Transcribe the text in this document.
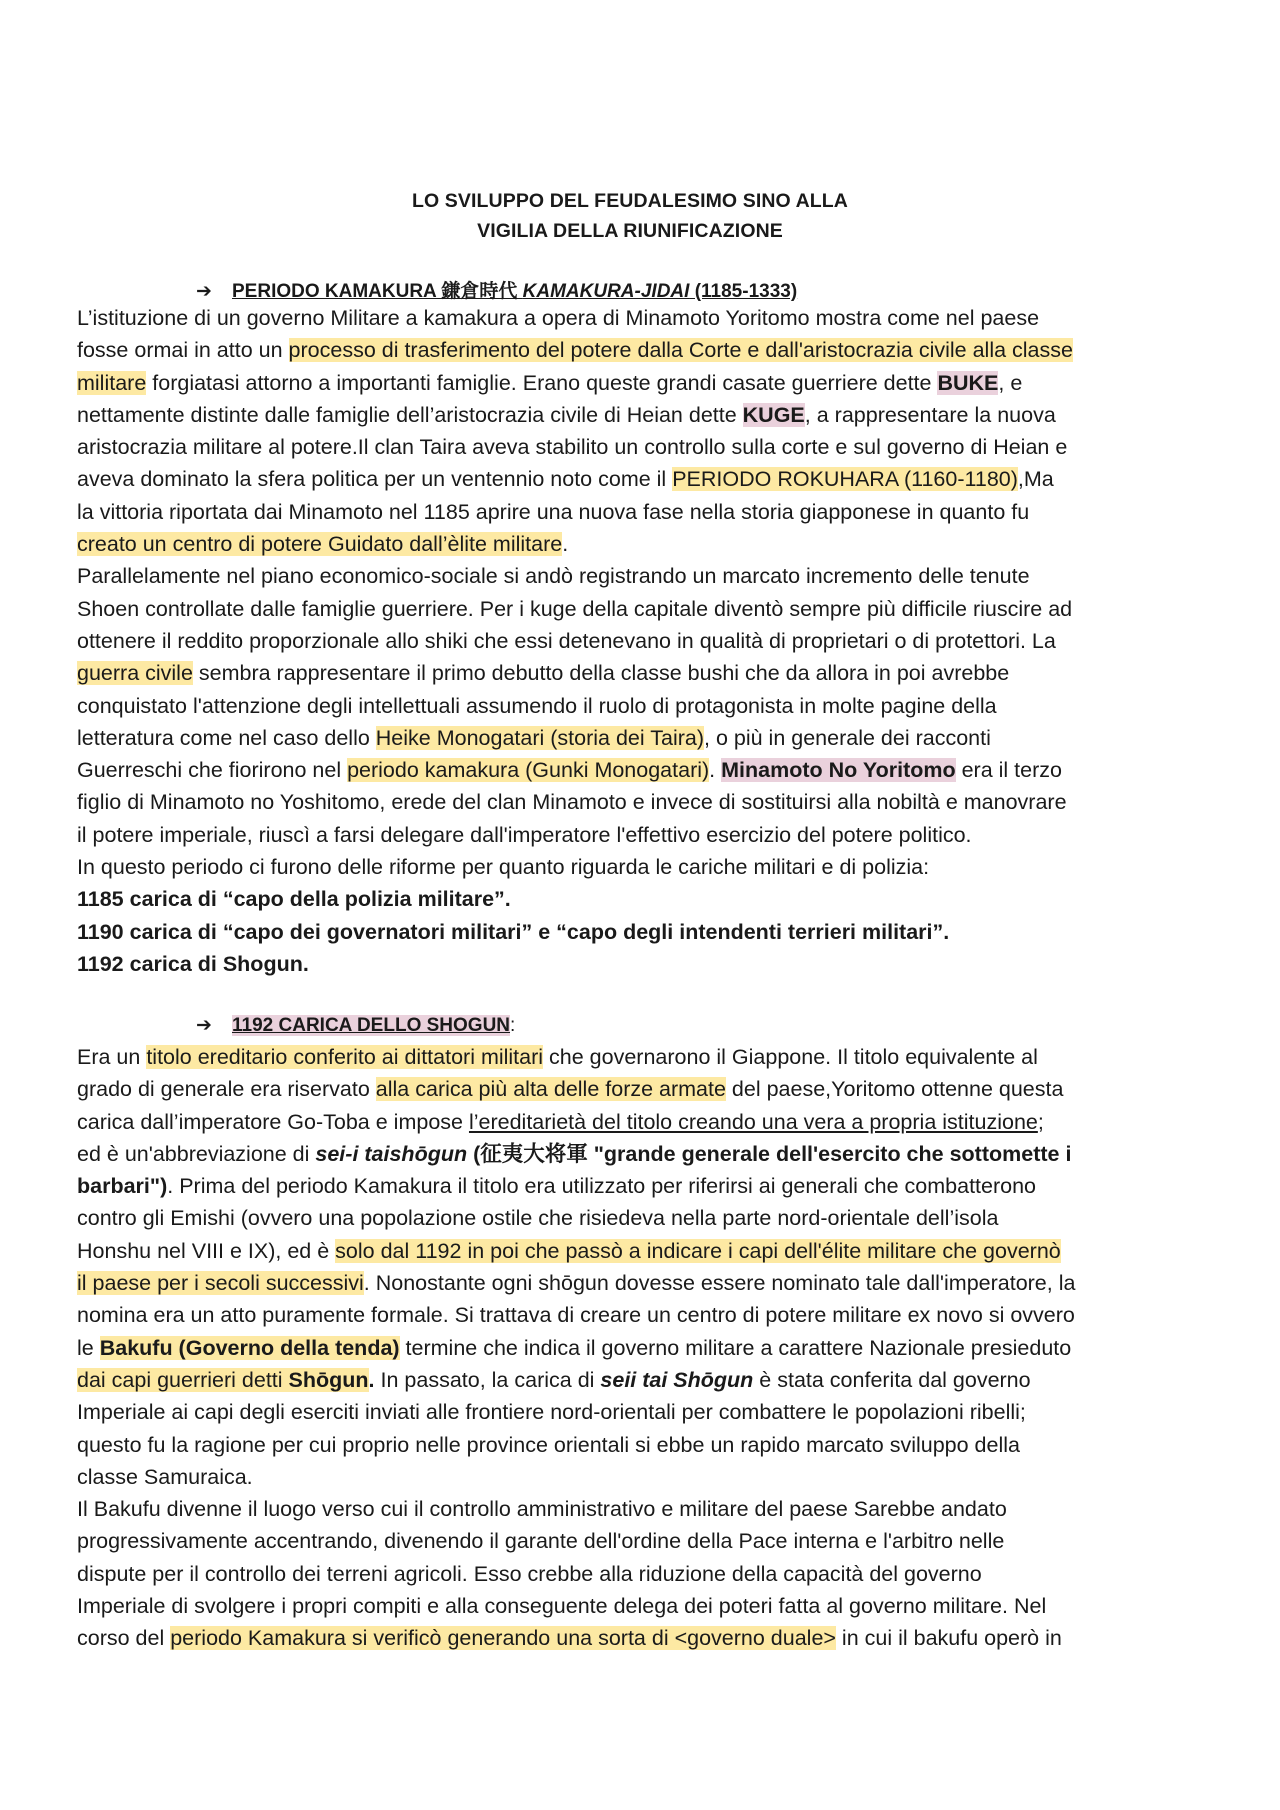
LO SVILUPPO DEL FEUDALESIMO SINO ALLA
VIGILIA DELLA RIUNIFICAZIONE
➔ PERIODO KAMAKURA 鎌倉時代 KAMAKURA-JIDAI (1185-1333)

L’istituzione di un governo Militare a kamakura a opera di Minamoto Yoritomo mostra come nel paese

fosse ormai in atto un processo di trasferimento del potere dalla Corte e dall'aristocrazia civile alla classe

militare forgiatasi attorno a importanti famiglie. Erano queste grandi casate guerriere dette BUKE, e

nettamente distinte dalle famiglie dell’aristocrazia civile di Heian dette KUGE, a rappresentare la nuova

aristocrazia militare al potere.Il clan Taira aveva stabilito un controllo sulla corte e sul governo di Heian e

aveva dominato la sfera politica per un ventennio noto come il PERIODO ROKUHARA (1160-1180),Ma

la vittoria riportata dai Minamoto nel 1185 aprire una nuova fase nella storia giapponese in quanto fu

creato un centro di potere Guidato dall’èlite militare.

Parallelamente nel piano economico-sociale si andò registrando un marcato incremento delle tenute

Shoen controllate dalle famiglie guerriere. Per i kuge della capitale diventò sempre più difficile riuscire ad

ottenere il reddito proporzionale allo shiki che essi detenevano in qualità di proprietari o di protettori. La

guerra civile sembra rappresentare il primo debutto della classe bushi che da allora in poi avrebbe

conquistato l'attenzione degli intellettuali assumendo il ruolo di protagonista in molte pagine della

letteratura come nel caso dello Heike Monogatari (storia dei Taira), o più in generale dei racconti

Guerreschi che fiorirono nel periodo kamakura (Gunki Monogatari). Minamoto No Yoritomo era il terzo

figlio di Minamoto no Yoshitomo, erede del clan Minamoto e invece di sostituirsi alla nobiltà e manovrare

il potere imperiale, riuscì a farsi delegare dall'imperatore l'effettivo esercizio del potere politico.

In questo periodo ci furono delle riforme per quanto riguarda le cariche militari e di polizia:

1185 carica di “capo della polizia militare”.

1190 carica di “capo dei governatori militari” e “capo degli intendenti terrieri militari”.

1192 carica di Shogun.

➔ 1192 CARICA DELLO SHOGUN:

Era un titolo ereditario conferito ai dittatori militari che governarono il Giappone. Il titolo equivalente al

grado di generale era riservato alla carica più alta delle forze armate del paese,Yoritomo ottenne questa

carica dall’imperatore Go-Toba e impose l’ereditarietà del titolo creando una vera a propria istituzione;

ed è un'abbreviazione di sei-i taishōgun (征夷大将軍 "grande generale dell'esercito che sottomette i

barbari"). Prima del periodo Kamakura il titolo era utilizzato per riferirsi ai generali che combatterono

contro gli Emishi (ovvero una popolazione ostile che risiedeva nella parte nord-orientale dell’isola

Honshu nel VIII e IX), ed è solo dal 1192 in poi che passò a indicare i capi dell'élite militare che governò

il paese per i secoli successivi. Nonostante ogni shōgun dovesse essere nominato tale dall'imperatore, la

nomina era un atto puramente formale. Si trattava di creare un centro di potere militare ex novo si ovvero

le Bakufu (Governo della tenda) termine che indica il governo militare a carattere Nazionale presieduto

dai capi guerrieri detti Shōgun. In passato, la carica di seii tai Shōgun è stata conferita dal governo

Imperiale ai capi degli eserciti inviati alle frontiere nord-orientali per combattere le popolazioni ribelli;

questo fu la ragione per cui proprio nelle province orientali si ebbe un rapido marcato sviluppo della

classe Samuraica.

Il Bakufu divenne il luogo verso cui il controllo amministrativo e militare del paese Sarebbe andato

progressivamente accentrando, divenendo il garante dell'ordine della Pace interna e l'arbitro nelle

dispute per il controllo dei terreni agricoli. Esso crebbe alla riduzione della capacità del governo

Imperiale di svolgere i propri compiti e alla conseguente delega dei poteri fatta al governo militare. Nel

corso del periodo Kamakura si verificò generando una sorta di <governo duale> in cui il bakufu operò in
